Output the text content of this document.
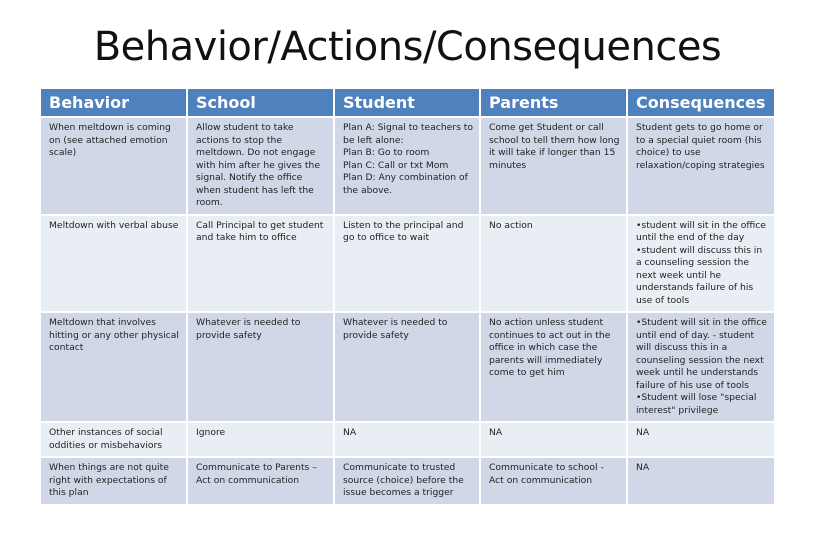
Behavior/Actions/Consequences
Behavior	School	Student	Parents	Consequences
When meltdown is coming on (see attached emotion scale)	Allow student to take actions to stop the meltdown. Do not engage with him after he gives the signal. Notify the office when student has left the room.	Plan A: Signal to teachers to be left alone:
Plan B: Go to room
Plan C: Call or txt Mom
Plan D: Any combination of the above.	Come get Student or call school to tell them how long it will take if longer than 15 minutes	Student gets to go home or to a special quiet room (his choice) to use relaxation/coping strategies
Meltdown with verbal abuse	Call Principal to get student and take him to office	Listen to the principal and go to office to wait	No action	•student will sit in the office until the end of the day
•student will discuss this in a counseling session the next week until he understands failure of his use of tools
Meltdown that involves hitting or any other physical contact	Whatever is needed to provide safety	Whatever is needed to provide safety	No action unless student continues to act out in the office in which case the parents will immediately come to get him	•Student will sit in the office until end of day. - student will discuss this in a counseling session the next week until he understands failure of his use of tools
•Student will lose "special interest" privilege
Other instances of social oddities or misbehaviors	Ignore	NA	NA	NA
When things are not quite right with expectations of this plan	Communicate to Parents – Act on communication	Communicate to trusted source (choice) before the issue becomes a trigger	Communicate to school - Act on communication	NA
